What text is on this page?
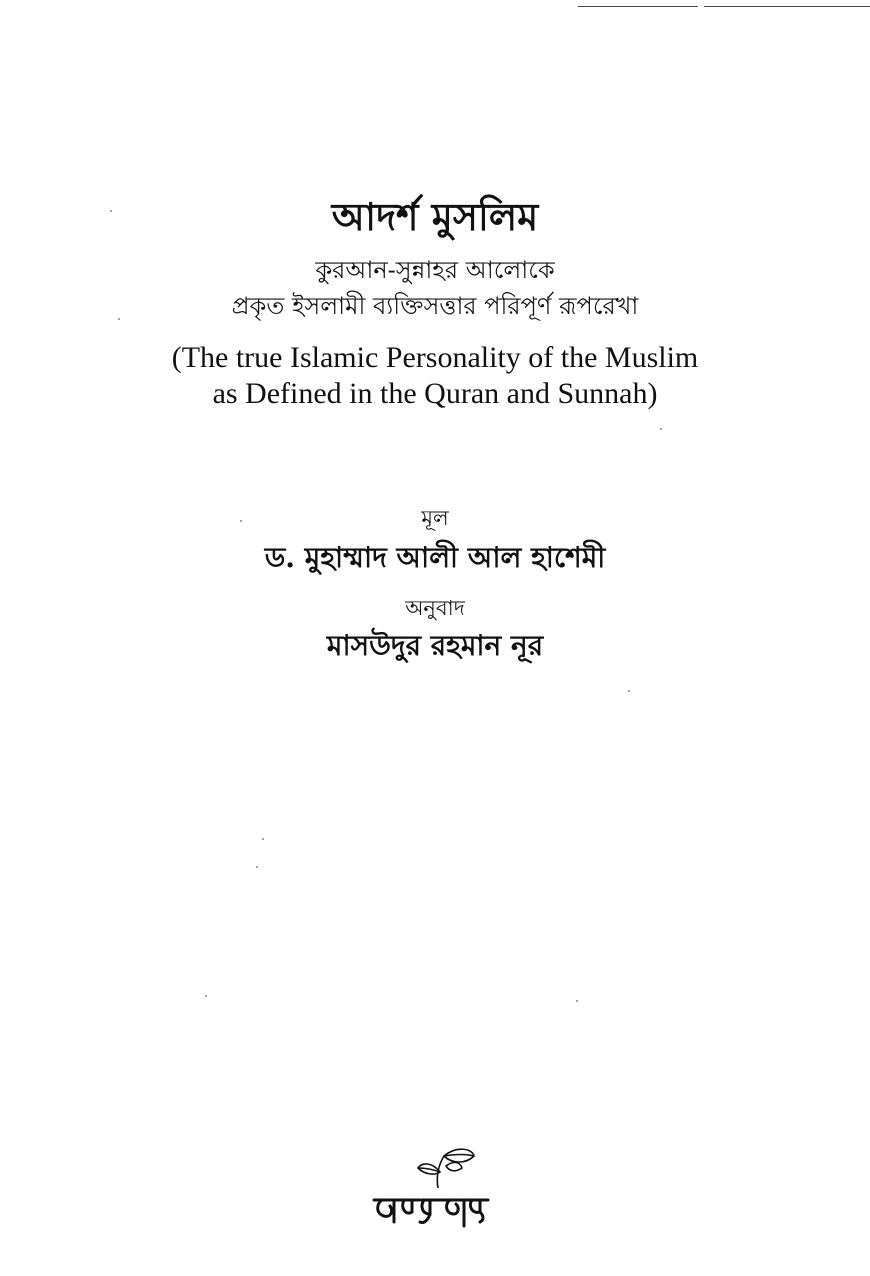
আদর্শ মুসলিম
কুরআন-সুন্নাহর আলোকে
প্রকৃত ইসলামী ব্যক্তিসত্তার পরিপূর্ণ রূপরেখা
(The true Islamic Personality of the Muslim
as Defined in the Quran and Sunnah)
মূল
ড. মুহাম্মাদ আলী আল হাশেমী
অনুবাদ
মাসউদুর রহমান নূর
